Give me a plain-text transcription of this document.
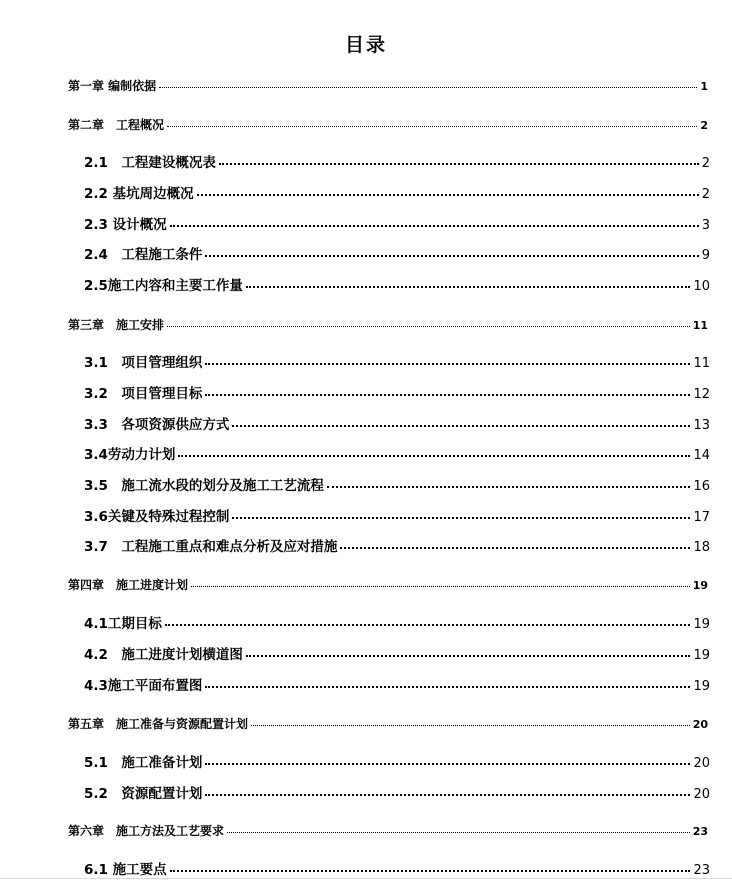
目录
第一章 编制依据	1
第二章　工程概况	2
2.1　工程建设概况表	2
2.2 基坑周边概况	2
2.3 设计概况	3
2.4　工程施工条件	9
2.5施工内容和主要工作量	10
第三章　施工安排	11
3.1　项目管理组织	11
3.2　项目管理目标	12
3.3　各项资源供应方式	13
3.4劳动力计划	14
3.5　施工流水段的划分及施工工艺流程	16
3.6关键及特殊过程控制	17
3.7　工程施工重点和难点分析及应对措施	18
第四章　施工进度计划	19
4.1工期目标	19
4.2　施工进度计划横道图	19
4.3施工平面布置图	19
第五章　施工准备与资源配置计划	20
5.1　施工准备计划	20
5.2　资源配置计划	20
第六章　施工方法及工艺要求	23
6.1 施工要点	23
